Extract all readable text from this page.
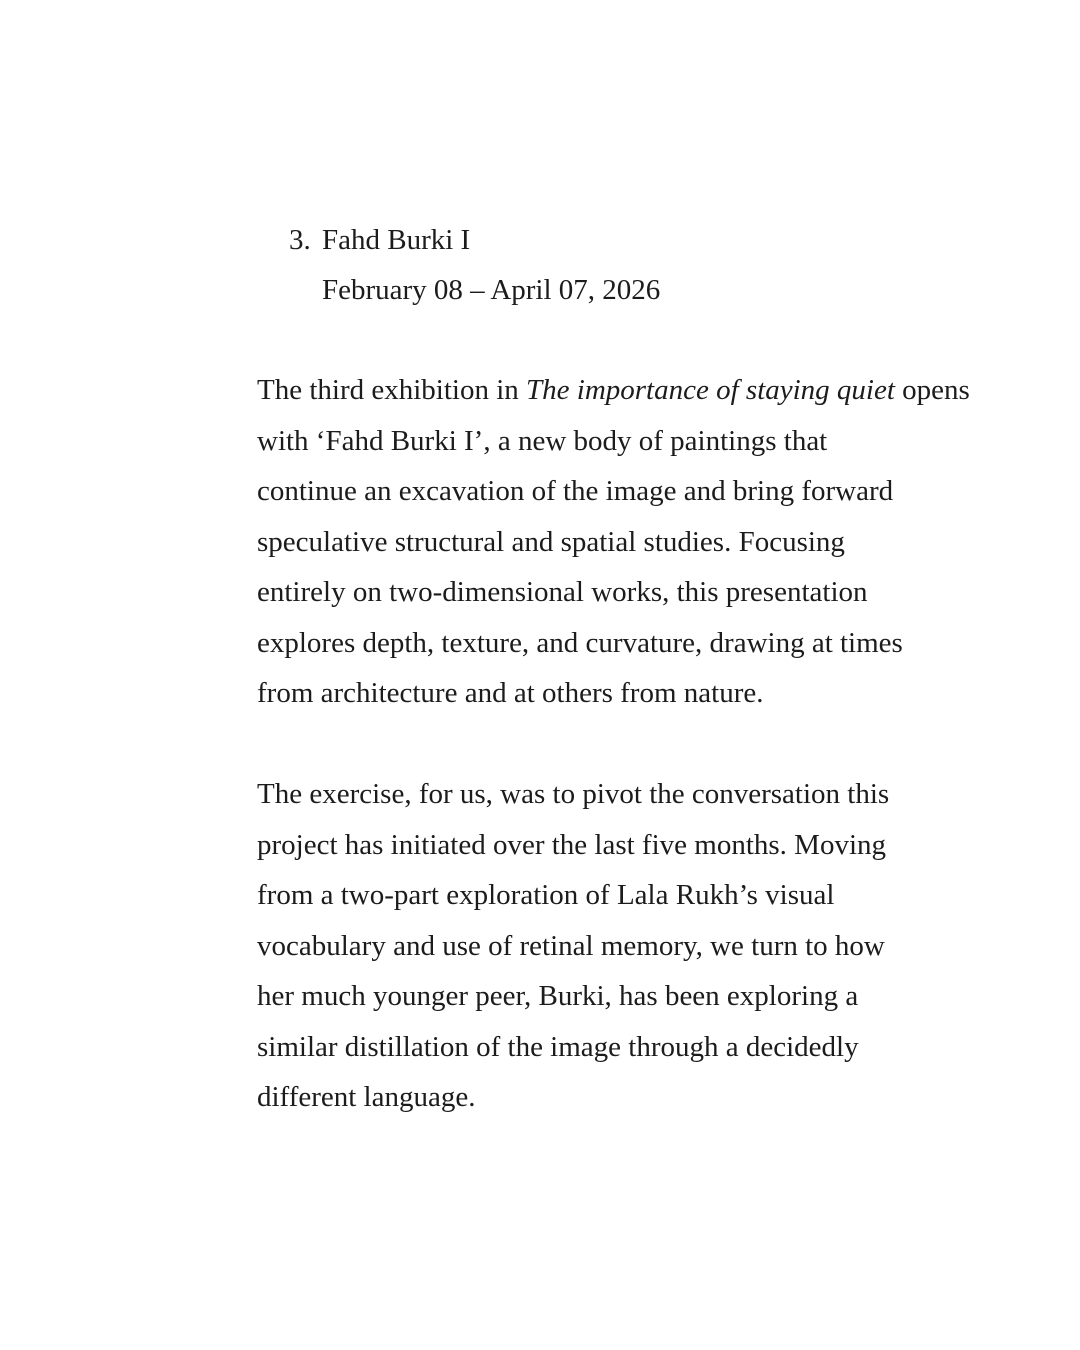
3. Fahd Burki I
February 08 – April 07, 2026

The third exhibition in The importance of staying quiet opens
with ‘Fahd Burki I’, a new body of paintings that
continue an excavation of the image and bring forward
speculative structural and spatial studies. Focusing
entirely on two-dimensional works, this presentation
explores depth, texture, and curvature, drawing at times
from architecture and at others from nature.

The exercise, for us, was to pivot the conversation this
project has initiated over the last five months. Moving
from a two-part exploration of Lala Rukh’s visual
vocabulary and use of retinal memory, we turn to how
her much younger peer, Burki, has been exploring a
similar distillation of the image through a decidedly
different language.
